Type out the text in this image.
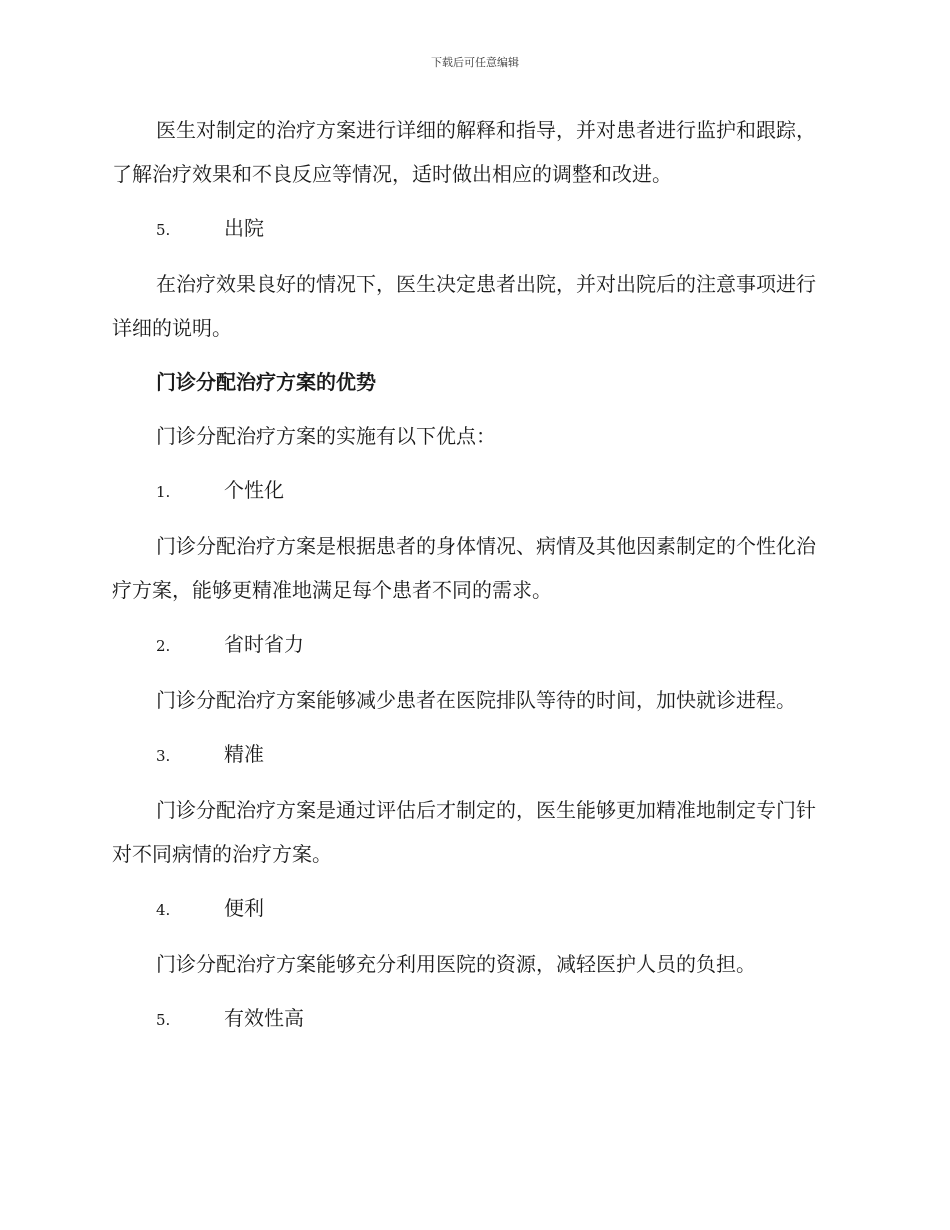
下载后可任意编辑

医生对制定的治疗方案进行详细的解释和指导，并对患者进行监护和跟踪，了解治疗效果和不良反应等情况，适时做出相应的调整和改进。

5.	出院

在治疗效果良好的情况下，医生决定患者出院，并对出院后的注意事项进行详细的说明。

门诊分配治疗方案的优势

门诊分配治疗方案的实施有以下优点：

1.	个性化

门诊分配治疗方案是根据患者的身体情况、病情及其他因素制定的个性化治疗方案，能够更精准地满足每个患者不同的需求。

2.	省时省力

门诊分配治疗方案能够减少患者在医院排队等待的时间，加快就诊进程。

3.	精准

门诊分配治疗方案是通过评估后才制定的，医生能够更加精准地制定专门针对不同病情的治疗方案。

4.	便利

门诊分配治疗方案能够充分利用医院的资源，减轻医护人员的负担。

5.	有效性高
